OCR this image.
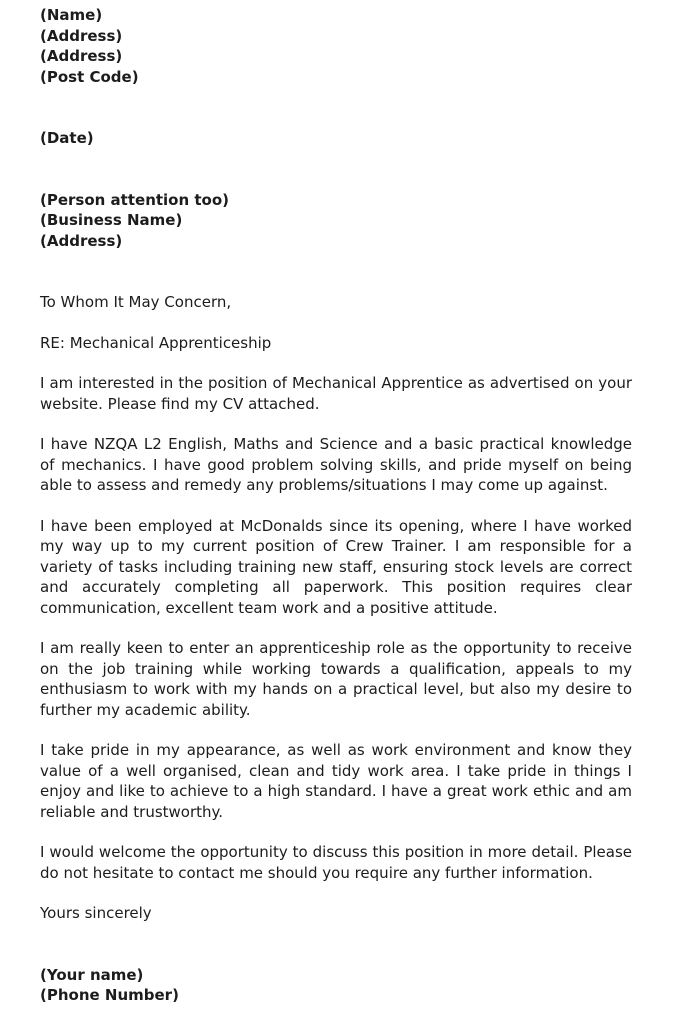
(Name)
(Address)
(Address)
(Post Code)
(Date)
(Person attention too)
(Business Name)
(Address)
To Whom It May Concern,
RE: Mechanical Apprenticeship

I am interested in the position of Mechanical Apprentice as advertised on your website. Please find my CV attached.

I have NZQA L2 English, Maths and Science and a basic practical knowledge of mechanics. I have good problem solving skills, and pride myself on being able to assess and remedy any problems/situations I may come up against.

I have been employed at McDonalds since its opening, where I have worked my way up to my current position of Crew Trainer. I am responsible for a variety of tasks including training new staff, ensuring stock levels are correct and accurately completing all paperwork. This position requires clear communication, excellent team work and a positive attitude.

I am really keen to enter an apprenticeship role as the opportunity to receive on the job training while working towards a qualification, appeals to my enthusiasm to work with my hands on a practical level, but also my desire to further my academic ability.

I take pride in my appearance, as well as work environment and know they value of a well organised, clean and tidy work area. I take pride in things I enjoy and like to achieve to a high standard. I have a great work ethic and am reliable and trustworthy.

I would welcome the opportunity to discuss this position in more detail. Please do not hesitate to contact me should you require any further information.

Yours sincerely
(Your name)
(Phone Number)
